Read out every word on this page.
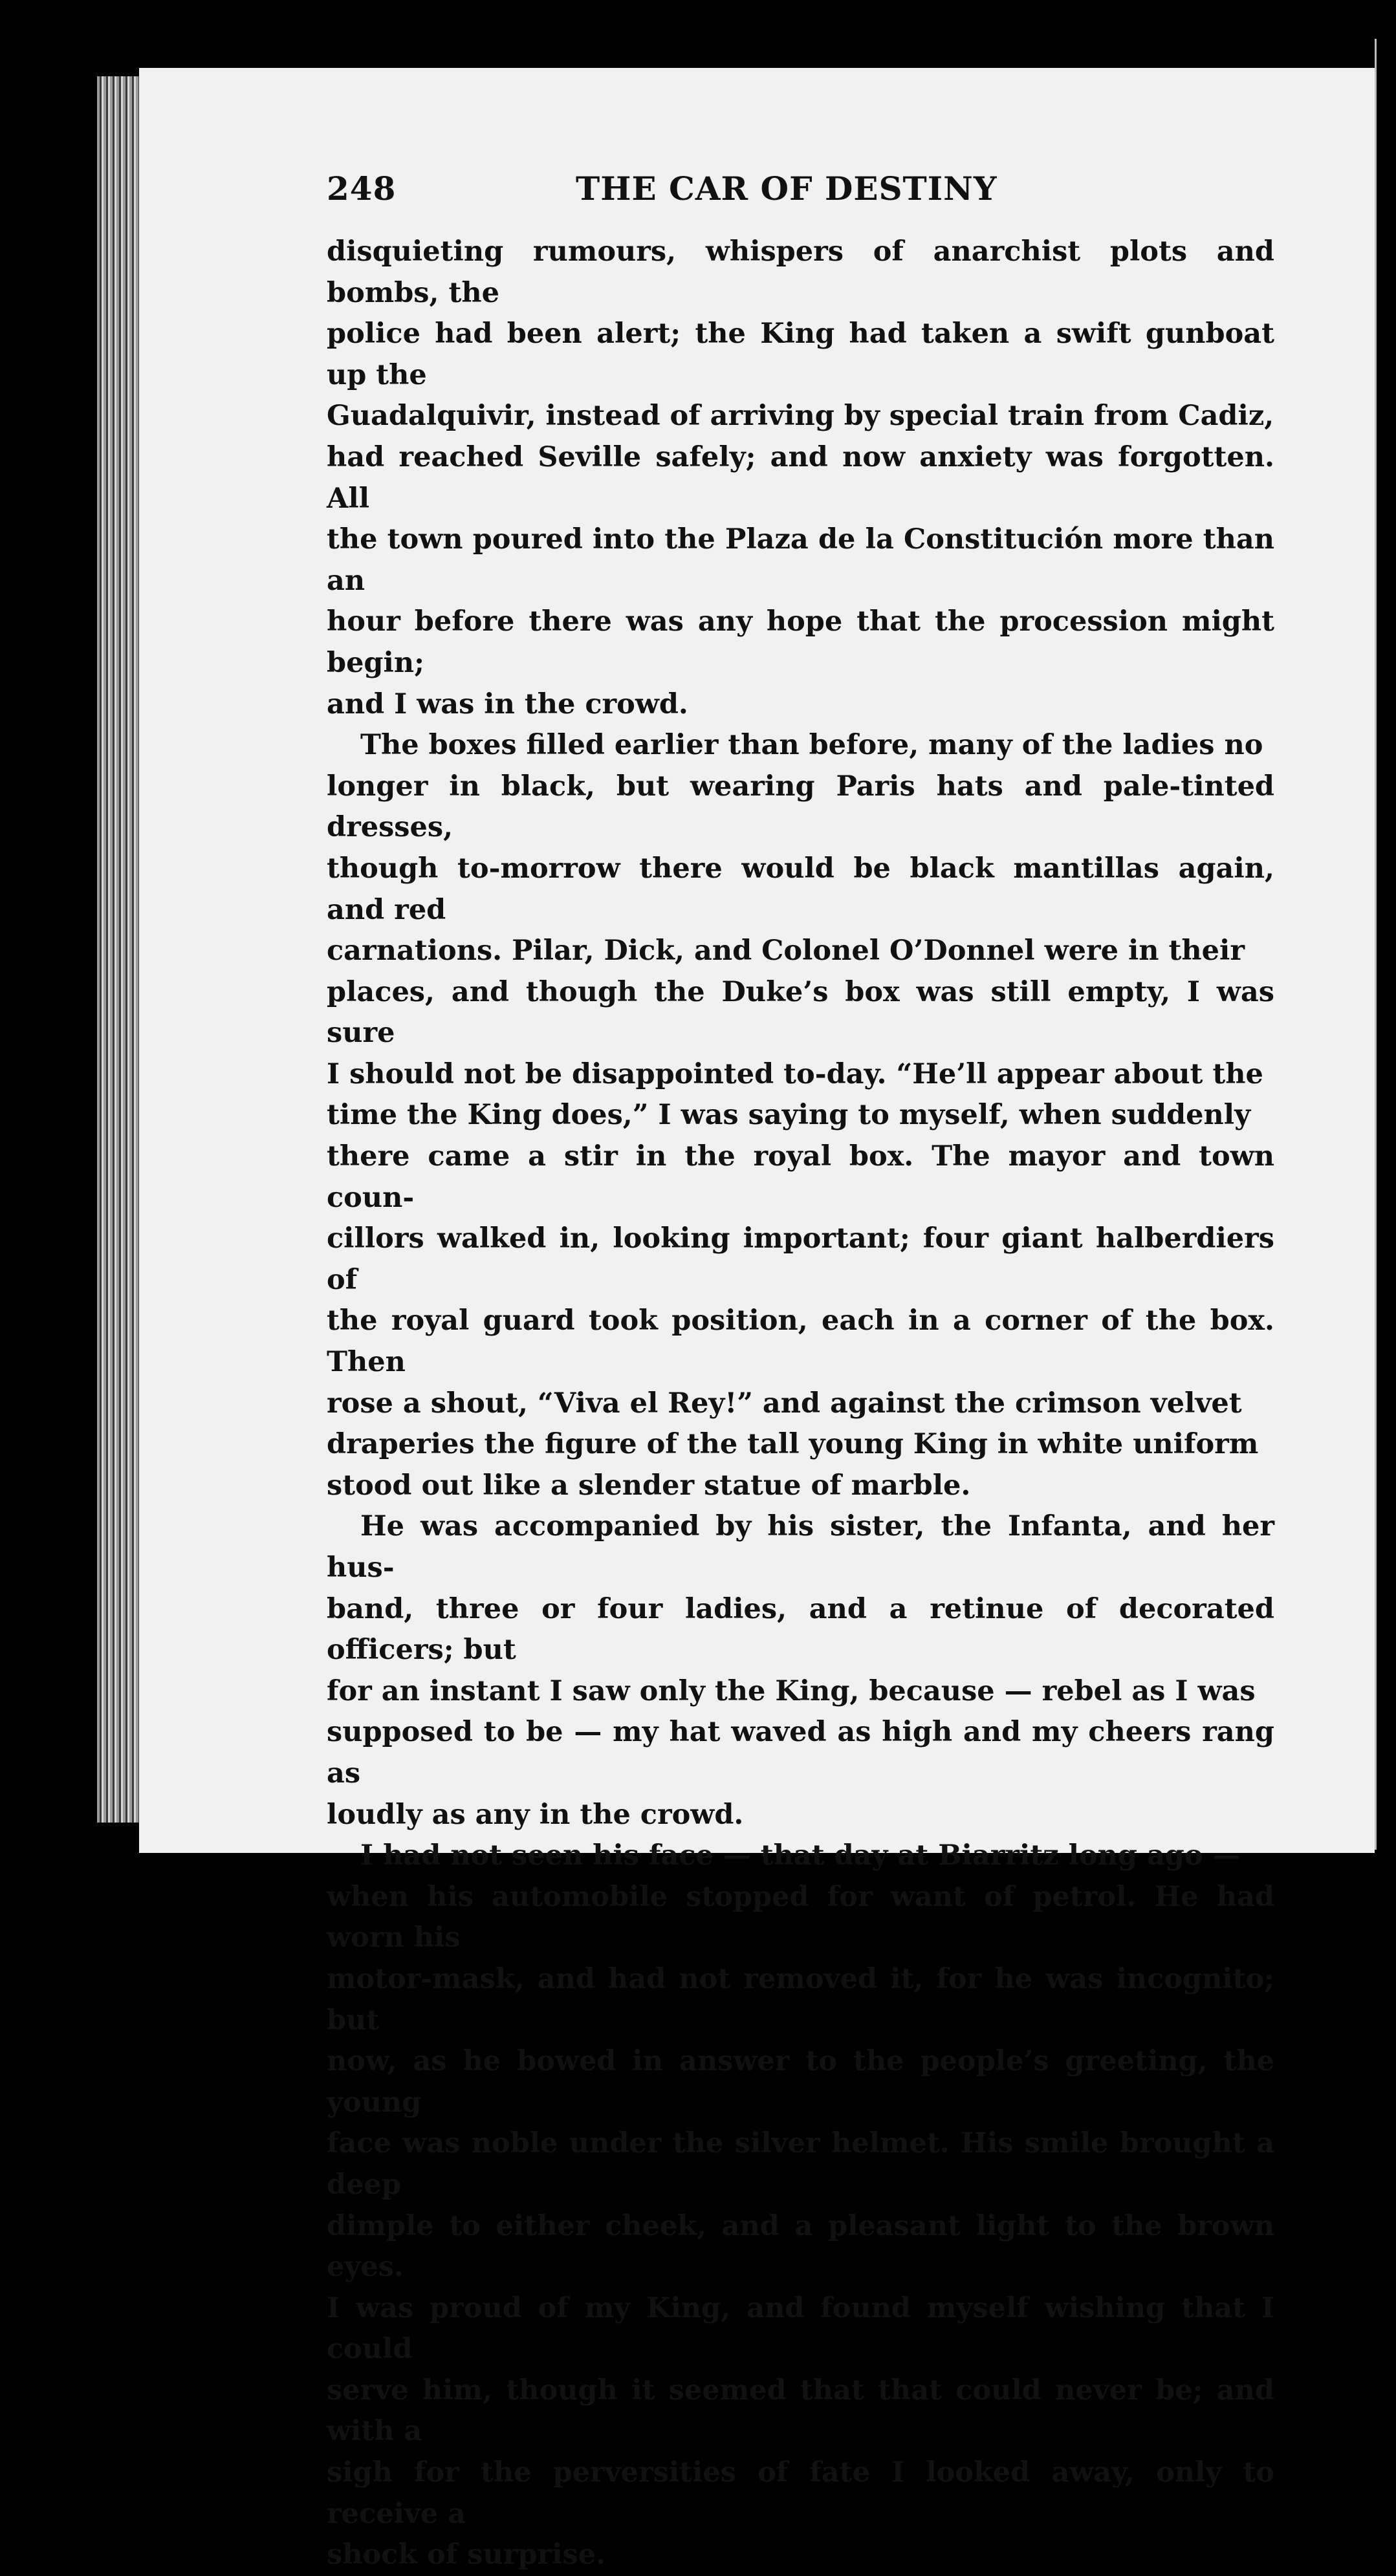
248	THE CAR OF DESTINY

disquieting rumours, whispers of anarchist plots and bombs, the
police had been alert; the King had taken a swift gunboat up the
Guadalquivir, instead of arriving by special train from Cadiz,
had reached Seville safely; and now anxiety was forgotten. All
the town poured into the Plaza de la Constitución more than an
hour before there was any hope that the procession might begin;
and I was in the crowd.

The boxes filled earlier than before, many of the ladies no
longer in black, but wearing Paris hats and pale-tinted dresses,
though to-morrow there would be black mantillas again, and red
carnations. Pilar, Dick, and Colonel O’Donnel were in their
places, and though the Duke’s box was still empty, I was sure
I should not be disappointed to-day. “He’ll appear about the
time the King does,” I was saying to myself, when suddenly
there came a stir in the royal box. The mayor and town coun-
cillors walked in, looking important; four giant halberdiers of
the royal guard took position, each in a corner of the box. Then
rose a shout, “Viva el Rey!” and against the crimson velvet
draperies the figure of the tall young King in white uniform
stood out like a slender statue of marble.

He was accompanied by his sister, the Infanta, and her hus-
band, three or four ladies, and a retinue of decorated officers; but
for an instant I saw only the King, because — rebel as I was
supposed to be — my hat waved as high and my cheers rang as
loudly as any in the crowd.

I had not seen his face — that day at Biarritz long ago —
when his automobile stopped for want of petrol. He had worn his
motor-mask, and had not removed it, for he was incognito; but
now, as he bowed in answer to the people’s greeting, the young
face was noble under the silver helmet. His smile brought a deep
dimple to either cheek, and a pleasant light to the brown eyes.
I was proud of my King, and found myself wishing that I could
serve him, though it seemed that that could never be; and with a
sigh for the perversities of fate I looked away, only to receive a
shock of surprise.
